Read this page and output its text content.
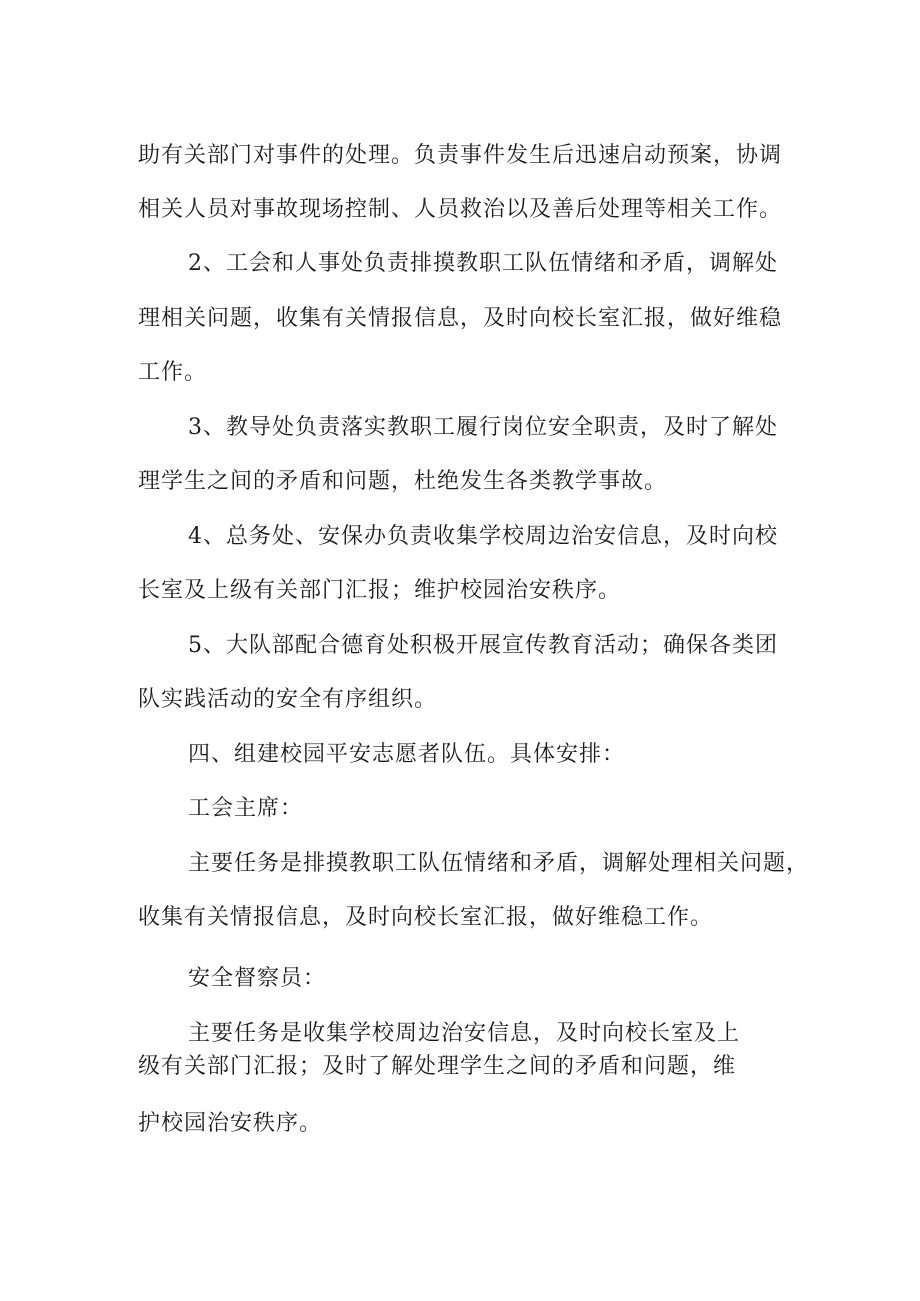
助有关部门对事件的处理。负责事件发生后迅速启动预案，协调
相关人员对事故现场控制、人员救治以及善后处理等相关工作。
2、工会和人事处负责排摸教职工队伍情绪和矛盾，调解处
理相关问题，收集有关情报信息，及时向校长室汇报，做好维稳
工作。
3、教导处负责落实教职工履行岗位安全职责，及时了解处
理学生之间的矛盾和问题，杜绝发生各类教学事故。
4、总务处、安保办负责收集学校周边治安信息，及时向校
长室及上级有关部门汇报；维护校园治安秩序。
5、大队部配合德育处积极开展宣传教育活动；确保各类团
队实践活动的安全有序组织。
四、组建校园平安志愿者队伍。具体安排：
工会主席：
主要任务是排摸教职工队伍情绪和矛盾，调解处理相关问题，
收集有关情报信息，及时向校长室汇报，做好维稳工作。
安全督察员：
主要任务是收集学校周边治安信息，及时向校长室及上
级有关部门汇报；及时了解处理学生之间的矛盾和问题，维
护校园治安秩序。
